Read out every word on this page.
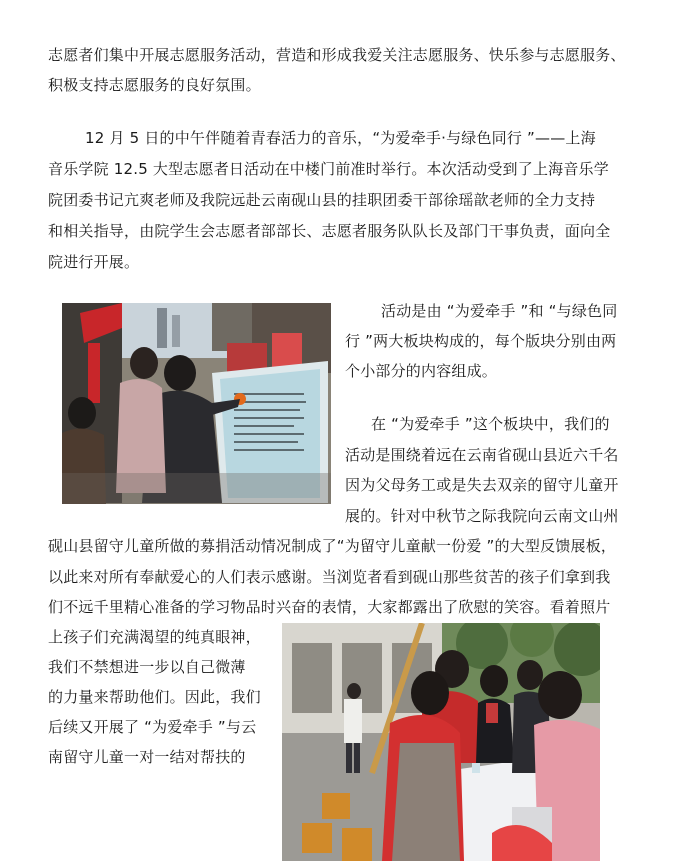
志愿者们集中开展志愿服务活动，营造和形成我爱关注志愿服务、快乐参与志愿服务、
积极支持志愿服务的良好氛围。
12 月 5 日的中午伴随着青春活力的音乐，“为爱牵手·与绿色同行 ”——上海
音乐学院 12.5 大型志愿者日活动在中楼门前准时举行。本次活动受到了上海音乐学
院团委书记亢爽老师及我院远赴云南砚山县的挂职团委干部徐瑶歆老师的全力支持
和相关指导，由院学生会志愿者部部长、志愿者服务队队长及部门干事负责，面向全
院进行开展。
活动是由 “为爱牵手 ”和 “与绿色同
行 ”两大板块构成的，每个版块分别由两
个小部分的内容组成。
在 “为爱牵手 ”这个板块中，我们的
活动是围绕着远在云南省砚山县近六千名
因为父母务工或是失去双亲的留守儿童开
展的。针对中秋节之际我院向云南文山州
砚山县留守儿童所做的募捐活动情况制成了“为留守儿童献一份爱 ”的大型反馈展板，
以此来对所有奉献爱心的人们表示感谢。当浏览者看到砚山那些贫苦的孩子们拿到我
们不远千里精心准备的学习物品时兴奋的表情，大家都露出了欣慰的笑容。看着照片
上孩子们充满渴望的纯真眼神，
我们不禁想进一步以自己微薄
的力量来帮助他们。因此，我们
后续又开展了 “为爱牵手 ”与云
南留守儿童一对一结对帮扶的
